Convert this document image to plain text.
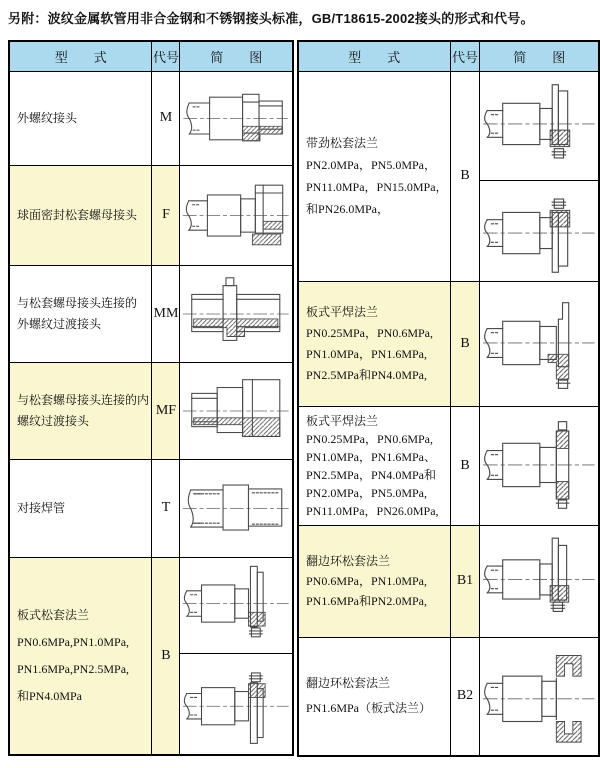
另附：波纹金属软管用非合金钢和不锈钢接头标准，GB/T18615-2002接头的形式和代号。
型　　式	代号	简　　图

外螺纹接头	M	

球面密封松套螺母接头	F	

与松套螺母接头连接的
外螺纹过渡接头	MM	

与松套螺母接头连接的内
螺纹过渡接头	MF	

对接焊管	T	

板式松套法兰
PN0.6MPa,PN1.0MPa,
PN1.6MPa,PN2.5MPa,
和PN4.0MPa	B	

型　　式	代号	简　　图

带劲松套法兰
PN2.0MPa，PN5.0MPa，
PN11.0MPa，PN15.0MPa，
和PN26.0MPa，	B	

板式平焊法兰
PN0.25MPa，PN0.6MPa,
PN1.0MPa，PN1.6MPa,
PN2.5MPa和PN4.0MPa,	B	

板式平焊法兰
PN0.25MPa，PN0.6MPa,
PN1.0MPa，PN1.6MPa、
PN2.5MPa，PN4.0MPa和
PN2.0MPa，PN5.0MPa,
PN11.0MPa，PN26.0MPa,
	B	

翻边环松套法兰
PN0.6MPa，PN1.0MPa,
PN1.6MPa和PN2.0MPa,	B1	

翻边环松套法兰
PN1.6MPa（板式法兰）	B2	
